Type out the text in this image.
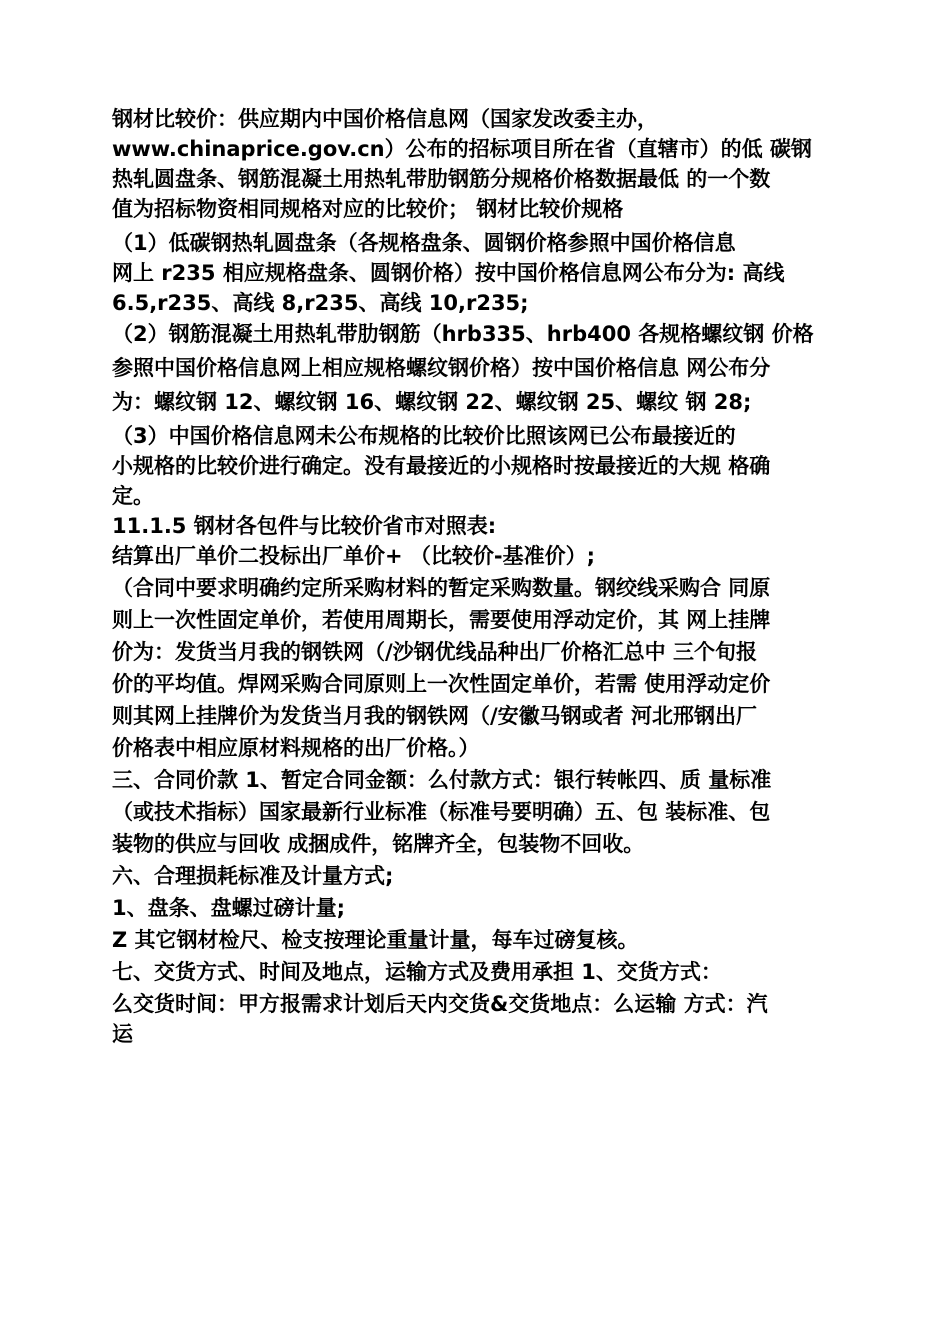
钢材比较价：供应期内中国价格信息网（国家发改委主办，

www.chinaprice.gov.cn）公布的招标项目所在省（直辖市）的低 碳钢

热轧圆盘条、钢筋混凝土用热轧带肋钢筋分规格价格数据最低 的一个数

值为招标物资相同规格对应的比较价； 钢材比较价规格

（1）低碳钢热轧圆盘条（各规格盘条、圆钢价格参照中国价格信息

网上 r235 相应规格盘条、圆钢价格）按中国价格信息网公布分为: 高线

6.5,r235、高线 8,r235、高线 10,r235;

（2）钢筋混凝土用热轧带肋钢筋（hrb335、hrb400 各规格螺纹钢 价格

参照中国价格信息网上相应规格螺纹钢价格）按中国价格信息 网公布分

为：螺纹钢 12、螺纹钢 16、螺纹钢 22、螺纹钢 25、螺纹 钢 28;

（3）中国价格信息网未公布规格的比较价比照该网已公布最接近的

小规格的比较价进行确定。没有最接近的小规格时按最接近的大规 格确

定。

11.1.5 钢材各包件与比较价省市对照表:

结算出厂单价二投标出厂单价+ （比较价-基准价）;

（合同中要求明确约定所采购材料的暂定采购数量。钢绞线采购合 同原

则上一次性固定单价，若使用周期长，需要使用浮动定价，其 网上挂牌

价为：发货当月我的钢铁网（/沙钢优线品种出厂价格汇总中 三个旬报

价的平均值。焊网采购合同原则上一次性固定单价，若需 使用浮动定价

则其网上挂牌价为发货当月我的钢铁网（/安徽马钢或者 河北邢钢出厂

价格表中相应原材料规格的出厂价格。）

三、合同价款 1、暂定合同金额：么付款方式：银行转帐四、质 量标准

（或技术指标）国家最新行业标准（标准号要明确）五、包 装标准、包

装物的供应与回收 成捆成件，铭牌齐全，包装物不回收。

六、合理损耗标准及计量方式;

1、盘条、盘螺过磅计量;

Z 其它钢材检尺、检支按理论重量计量，每车过磅复核。

七、交货方式、时间及地点，运输方式及费用承担 1、交货方式：

么交货时间：甲方报需求计划后天内交货&交货地点：么运输 方式：汽

运
